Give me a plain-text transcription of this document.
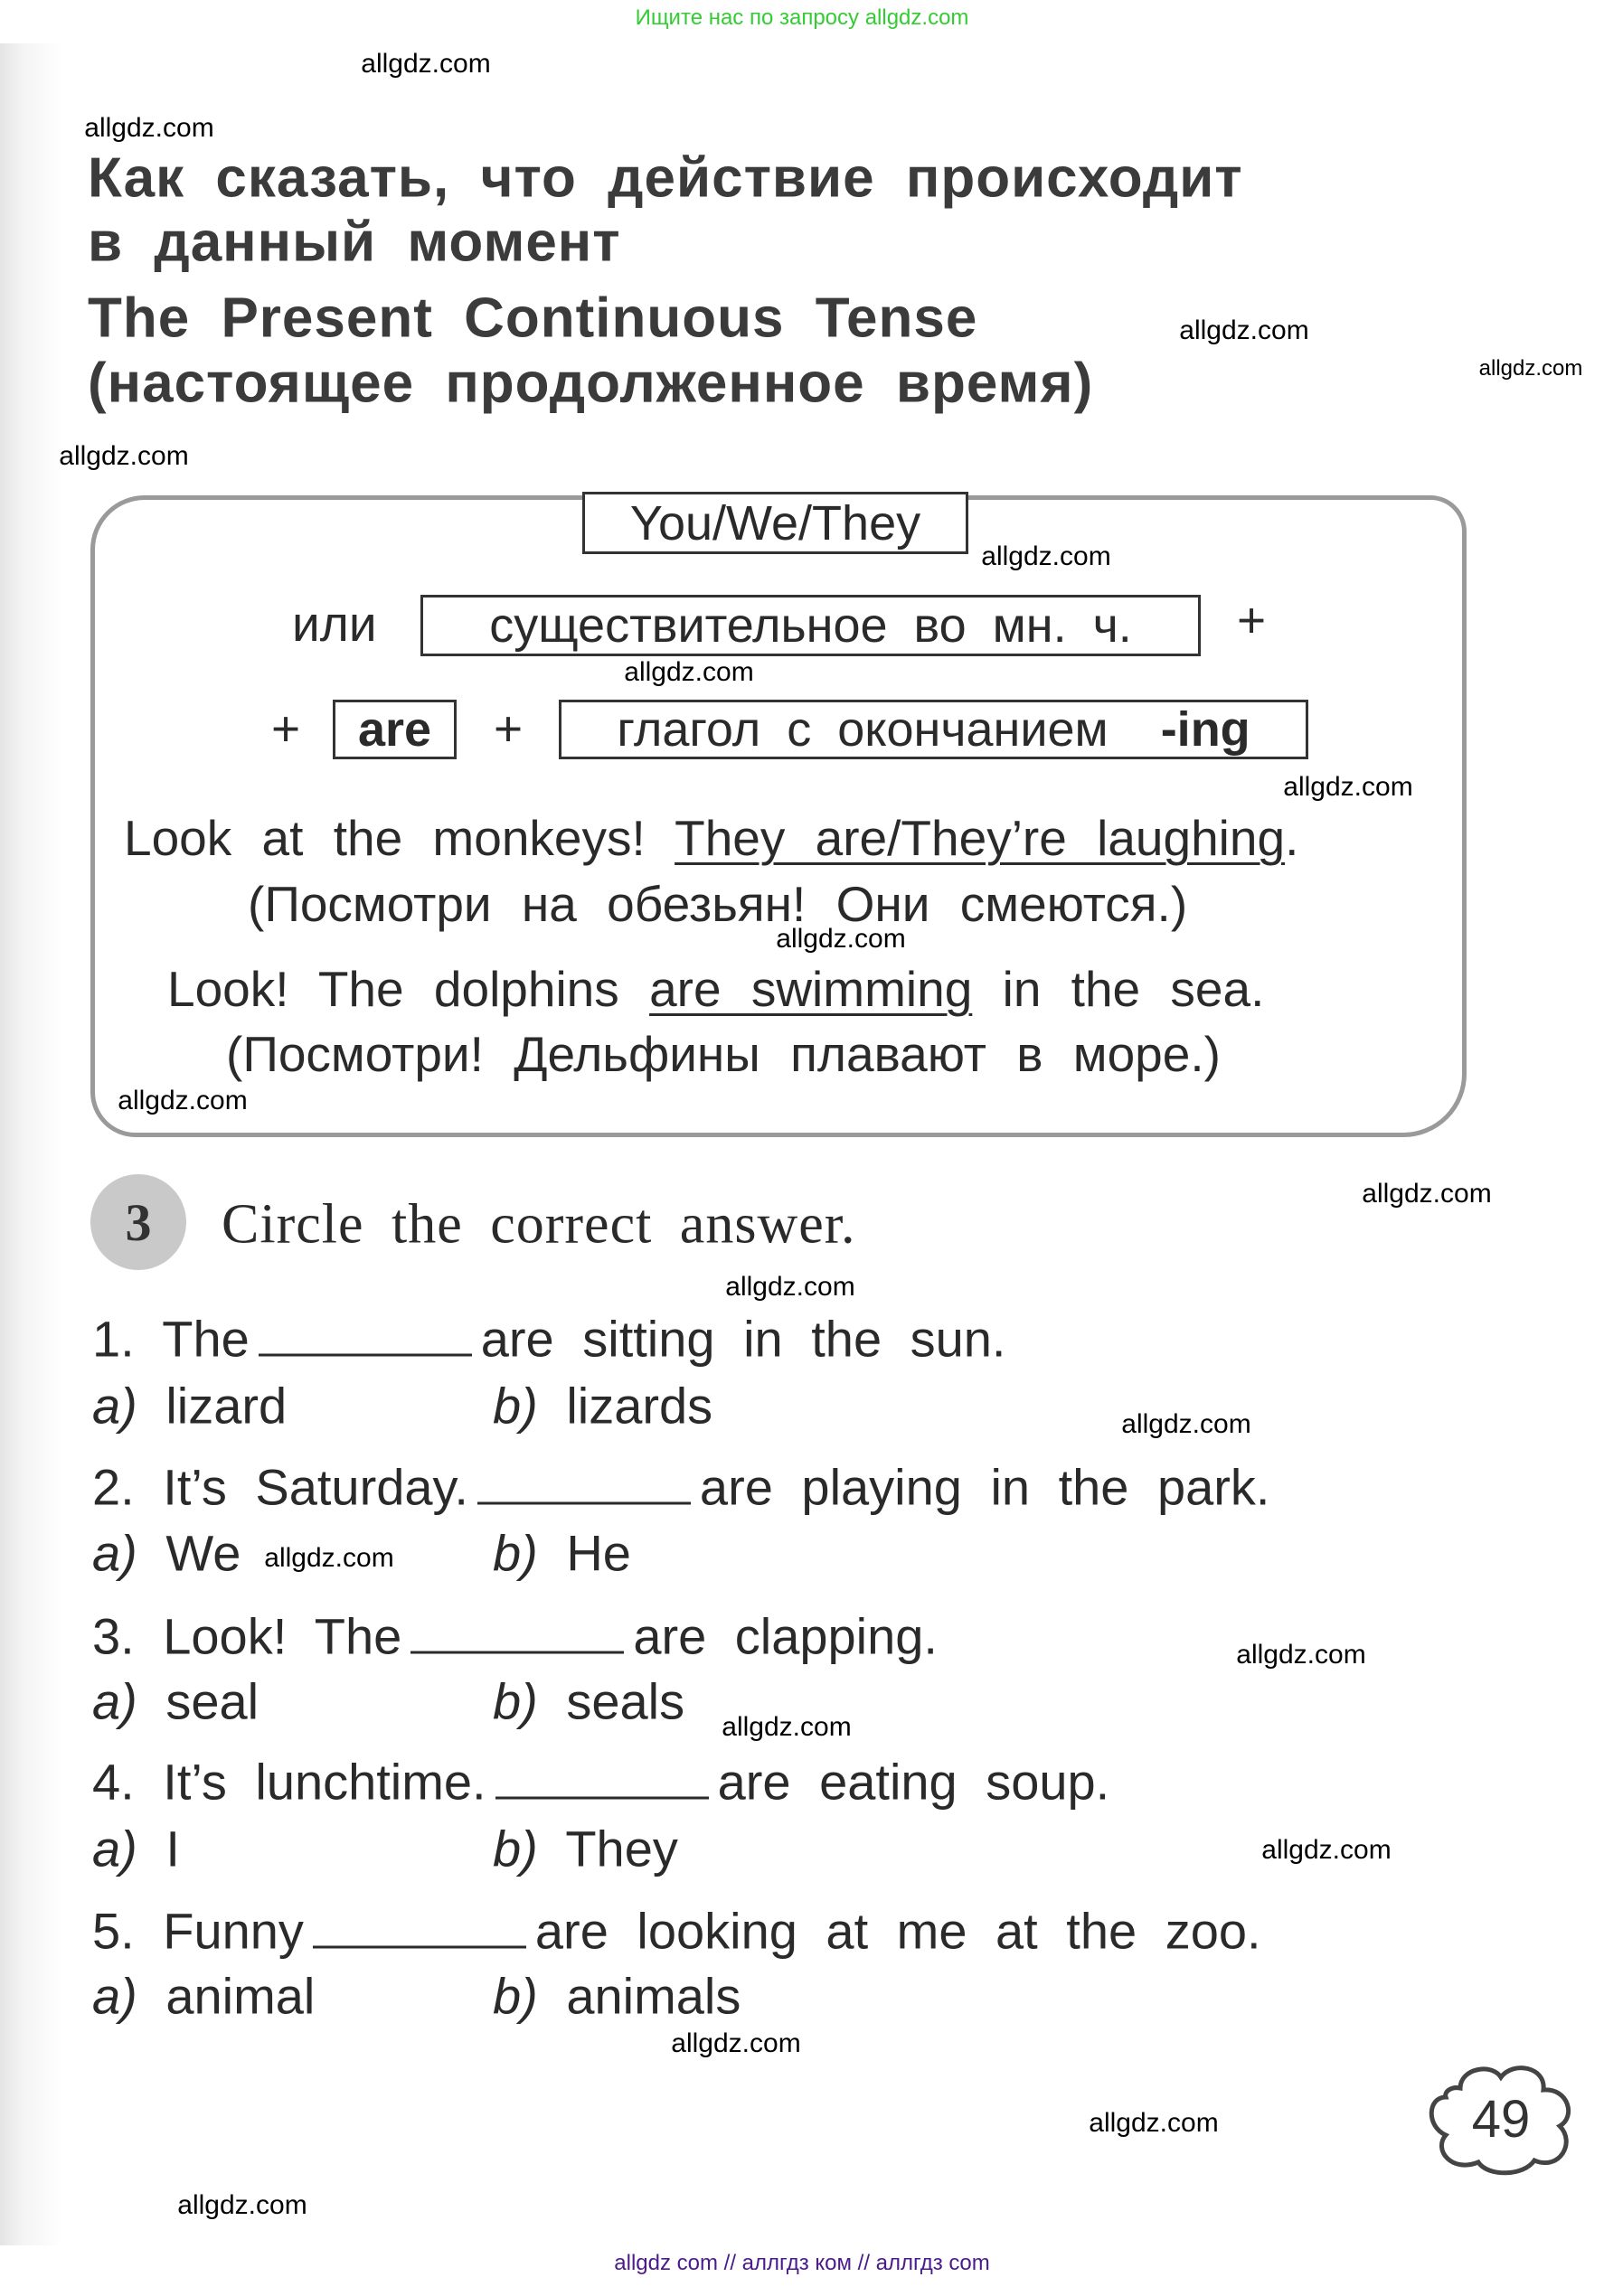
Ищите нас по запросу allgdz.com
Как сказать, что действие происходит
в данный момент
The Present Continuous Tense
(настоящее продолженное время)
You/We/They
или	существительное во мн. ч.	+
+	are	+ глагол с окончанием
-ing
Look at the monkeys! They are/They’re laughing.
(Посмотри на обезьян! Они смеются.)
Look! The dolphins are swimming in the sea.
(Посмотри! Дельфины плавают в море.)
3	Circle the correct answer.
1. The	are sitting in the sun.
a) lizard	b) lizards
2. It’s Saturday.	are playing in the park.
a) We	b) He
3. Look! The	are clapping.
a) seal	b) seals
4. It’s lunchtime.	are eating soup.
a) I	b) They
5. Funny	are looking at me at the zoo.
a) animal	b) animals
49
allgdz com // аллгдз ком // аллгдз com
allgdz.com
allgdz.com
allgdz.com
allgdz.com
allgdz.com
allgdz.com
allgdz.com
allgdz.com
allgdz.com
allgdz.com
allgdz.com
allgdz.com
allgdz.com
allgdz.com
allgdz.com
allgdz.com
allgdz.com
allgdz.com
allgdz.com
allgdz.com
